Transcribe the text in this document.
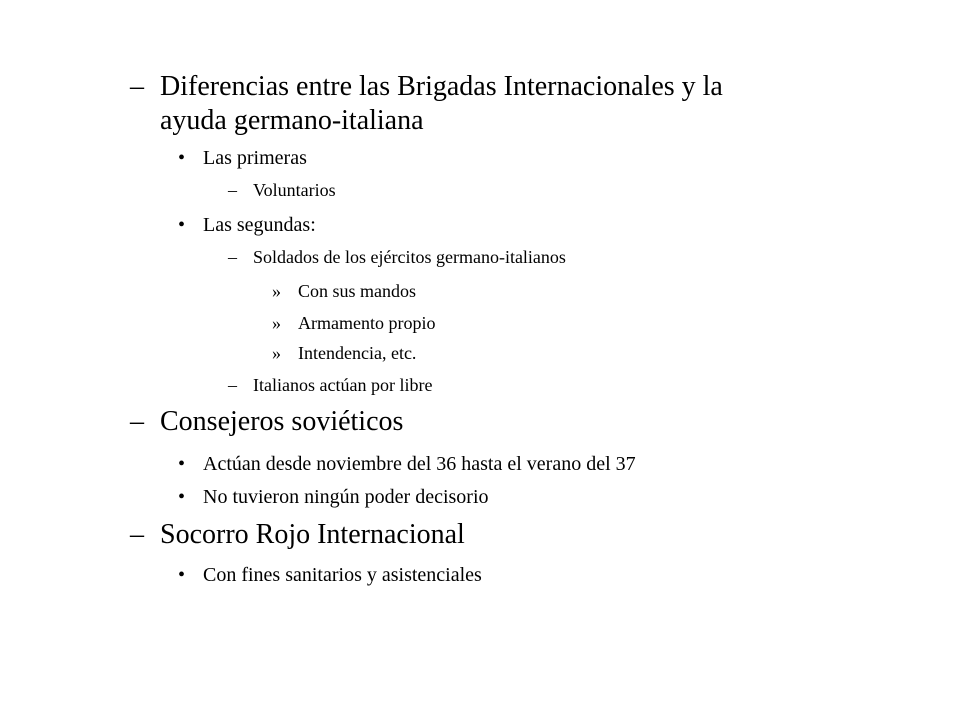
– Diferencias entre las Brigadas Internacionales y la
ayuda germano-italiana
• Las primeras
– Voluntarios
• Las segundas:
– Soldados de los ejércitos germano-italianos
» Con sus mandos
» Armamento propio
» Intendencia, etc.
– Italianos actúan por libre
– Consejeros soviéticos
• Actúan desde noviembre del 36 hasta el verano del 37
• No tuvieron ningún poder decisorio
– Socorro Rojo Internacional
• Con fines sanitarios y asistenciales
